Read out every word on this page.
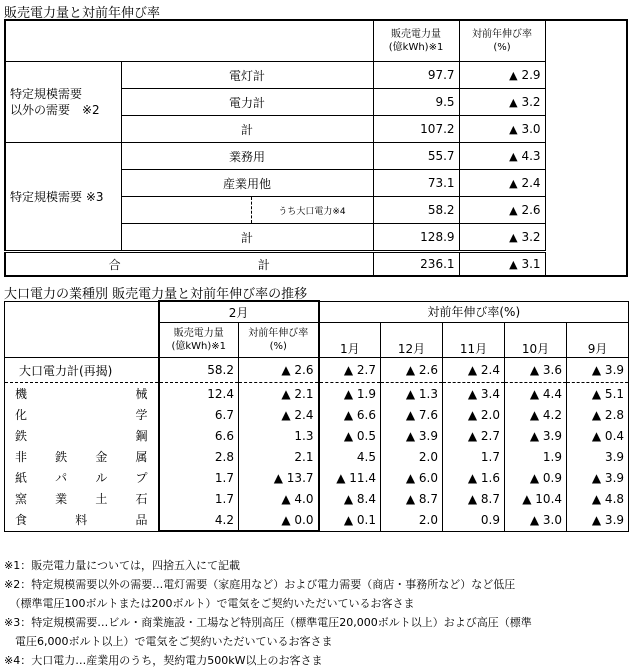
販売電力量と対前年伸び率
			販売電力量
(億kWh)※1	対前年伸び率
(%)	
特定規模需要
以外の需要　※2	電灯計		97.7	▲ 2.9	
	電力計		9.5	▲ 3.2	
	計		107.2	▲ 3.0	
特定規模需要 ※3	業務用		55.7	▲ 4.3	
	産業用他		73.1	▲ 2.4	
		うち大口電力※4	58.2	▲ 2.6	
	計		128.9	▲ 3.2	

合 計			236.1	▲ 3.1	
大口電力の業種別 販売電力量と対前年伸び率の推移
	2月		対前年伸び率(%)				
	販売電力量
(億kWh)※1	対前年伸び率
(%)	1月	12月	11月	10月	9月

大口電力計(再揭)	58.2	▲ 2.6	▲ 2.7	▲ 2.6	▲ 2.4	▲ 3.6	▲ 3.9

機 械	12.4	▲ 2.1	▲ 1.9	▲ 1.3	▲ 3.4	▲ 4.4	▲ 5.1

化 学	6.7	▲ 2.4	▲ 6.6	▲ 7.6	▲ 2.0	▲ 4.2	▲ 2.8

鉄 鋼	6.6	1.3	▲ 0.5	▲ 3.9	▲ 2.7	▲ 3.9	▲ 0.4

非 鉄 金 属	2.8	2.1	4.5	2.0	1.7	1.9	3.9

紙 パ ル プ	1.7	▲ 13.7	▲ 11.4	▲ 6.0	▲ 1.6	▲ 0.9	▲ 3.9

窯 業 土 石	1.7	▲ 4.0	▲ 8.4	▲ 8.7	▲ 8.7	▲ 10.4	▲ 4.8

食 料 品	4.2	▲ 0.0	▲ 0.1	2.0	0.9	▲ 3.0	▲ 3.9
※1：販売電力量については，四捨五入にて記載
※2：特定規模需要以外の需要…電灯需要（家庭用など）および電力需要（商店・事務所など）など低圧
　（標準電圧100ボルトまたは200ボルト）で電気をご契約いただいているお客さま
※3：特定規模需要…ビル・商業施設・工場など特別高圧（標準電圧20,000ボルト以上）および高圧（標準
　電圧6,000ボルト以上）で電気をご契約いただいているお客さま
※4：大口電力…産業用のうち，契約電力500kW以上のお客さま
